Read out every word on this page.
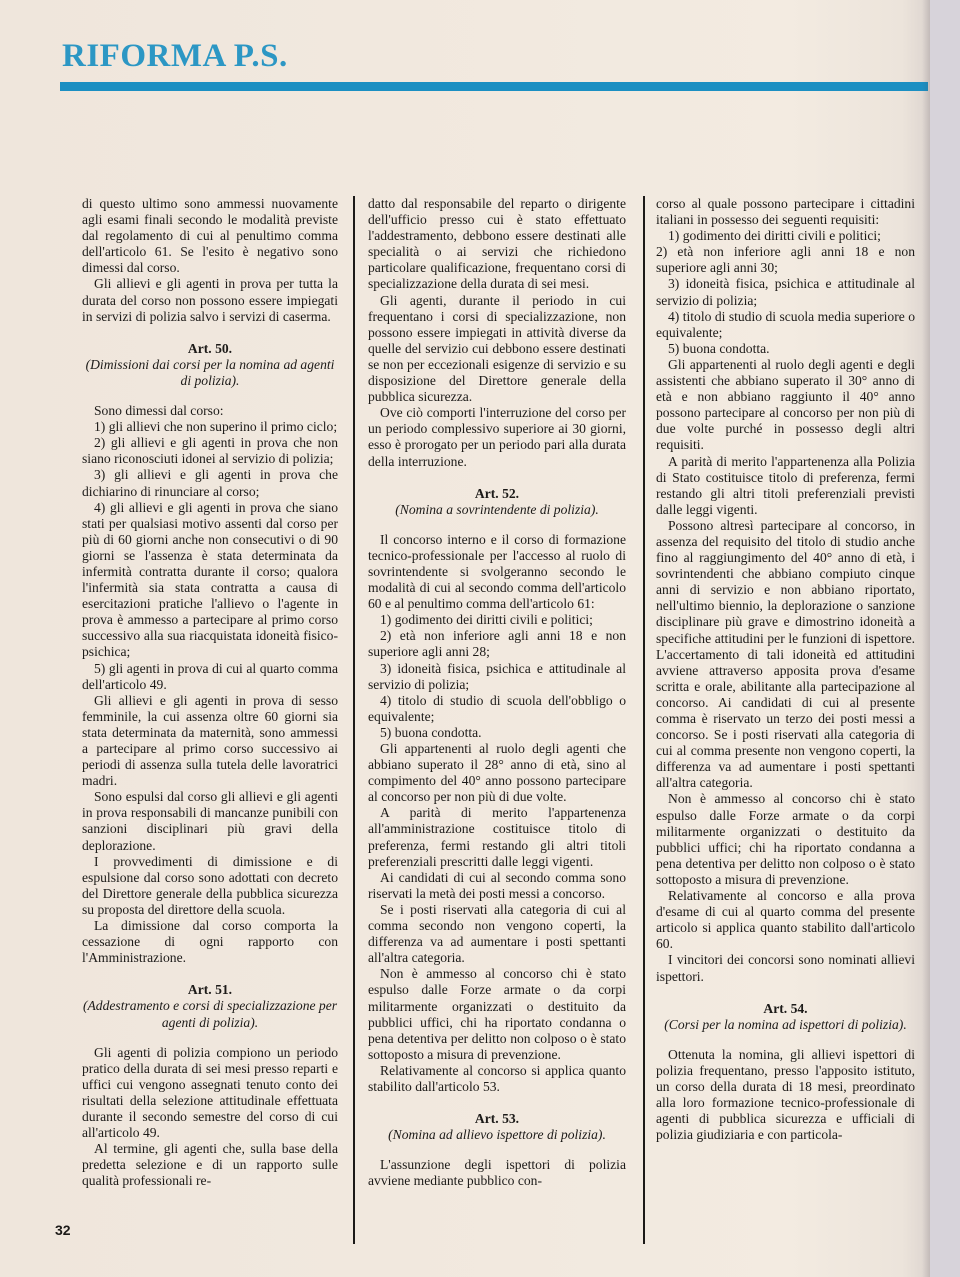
RIFORMA P.S.

di questo ultimo sono ammessi nuovamente agli esami finali secondo le modalità previste dal regolamento di cui al penultimo comma dell'articolo 61. Se l'esito è negativo sono dimessi dal corso.

Gli allievi e gli agenti in prova per tutta la durata del corso non possono essere impiegati in servizi di polizia salvo i servizi di caserma.

Art. 50.
(Dimissioni dai corsi per la nomina ad agenti di polizia).

Sono dimessi dal corso:

1) gli allievi che non superino il primo ciclo;

2) gli allievi e gli agenti in prova che non siano riconosciuti idonei al servizio di polizia;

3) gli allievi e gli agenti in prova che dichiarino di rinunciare al corso;

4) gli allievi e gli agenti in prova che siano stati per qualsiasi motivo assenti dal corso per più di 60 giorni anche non consecutivi o di 90 giorni se l'assenza è stata determinata da infermità contratta durante il corso; qualora l'infermità sia stata contratta a causa di esercitazioni pratiche l'allievo o l'agente in prova è ammesso a partecipare al primo corso successivo alla sua riacquistata idoneità fisico-psichica;

5) gli agenti in prova di cui al quarto comma dell'articolo 49.

Gli allievi e gli agenti in prova di sesso femminile, la cui assenza oltre 60 giorni sia stata determinata da maternità, sono ammessi a partecipare al primo corso successivo ai periodi di assenza sulla tutela delle lavoratrici madri.

Sono espulsi dal corso gli allievi e gli agenti in prova responsabili di mancanze punibili con sanzioni disciplinari più gravi della deplorazione.

I provvedimenti di dimissione e di espulsione dal corso sono adottati con decreto del Direttore generale della pubblica sicurezza su proposta del direttore della scuola.

La dimissione dal corso comporta la cessazione di ogni rapporto con l'Amministrazione.

Art. 51.
(Addestramento e corsi di specializzazione per agenti di polizia).

Gli agenti di polizia compiono un periodo pratico della durata di sei mesi presso reparti e uffici cui vengono assegnati tenuto conto dei risultati della selezione attitudinale effettuata durante il secondo semestre del corso di cui all'articolo 49.

Al termine, gli agenti che, sulla base della predetta selezione e di un rapporto sulle qualità professionali re-

datto dal responsabile del reparto o dirigente dell'ufficio presso cui è stato effettuato l'addestramento, debbono essere destinati alle specialità o ai servizi che richiedono particolare qualificazione, frequentano corsi di specializzazione della durata di sei mesi.

Gli agenti, durante il periodo in cui frequentano i corsi di specializzazione, non possono essere impiegati in attività diverse da quelle del servizio cui debbono essere destinati se non per eccezionali esigenze di servizio e su disposizione del Direttore generale della pubblica sicurezza.

Ove ciò comporti l'interruzione del corso per un periodo complessivo superiore ai 30 giorni, esso è prorogato per un periodo pari alla durata della interruzione.

Art. 52.
(Nomina a sovrintendente di polizia).

Il concorso interno e il corso di formazione tecnico-professionale per l'accesso al ruolo di sovrintendente si svolgeranno secondo le modalità di cui al secondo comma dell'articolo 60 e al penultimo comma dell'articolo 61:

1) godimento dei diritti civili e politici;

2) età non inferiore agli anni 18 e non superiore agli anni 28;

3) idoneità fisica, psichica e attitudinale al servizio di polizia;

4) titolo di studio di scuola dell'obbligo o equivalente;

5) buona condotta.

Gli appartenenti al ruolo degli agenti che abbiano superato il 28° anno di età, sino al compimento del 40° anno possono partecipare al concorso per non più di due volte.

A parità di merito l'appartenenza all'amministrazione costituisce titolo di preferenza, fermi restando gli altri titoli preferenziali prescritti dalle leggi vigenti.

Ai candidati di cui al secondo comma sono riservati la metà dei posti messi a concorso.

Se i posti riservati alla categoria di cui al comma secondo non vengono coperti, la differenza va ad aumentare i posti spettanti all'altra categoria.

Non è ammesso al concorso chi è stato espulso dalle Forze armate o da corpi militarmente organizzati o destituito da pubblici uffici, chi ha riportato condanna o pena detentiva per delitto non colposo o è stato sottoposto a misura di prevenzione.

Relativamente al concorso si applica quanto stabilito dall'articolo 53.

Art. 53.
(Nomina ad allievo ispettore di polizia).

L'assunzione degli ispettori di polizia avviene mediante pubblico con-

corso al quale possono partecipare i cittadini italiani in possesso dei seguenti requisiti:

1) godimento dei diritti civili e politici;

2) età non inferiore agli anni 18 e non superiore agli anni 30;

3) idoneità fisica, psichica e attitudinale al servizio di polizia;

4) titolo di studio di scuola media superiore o equivalente;

5) buona condotta.

Gli appartenenti al ruolo degli agenti e degli assistenti che abbiano superato il 30° anno di età e non abbiano raggiunto il 40° anno possono partecipare al concorso per non più di due volte purché in possesso degli altri requisiti.

A parità di merito l'appartenenza alla Polizia di Stato costituisce titolo di preferenza, fermi restando gli altri titoli preferenziali previsti dalle leggi vigenti.

Possono altresì partecipare al concorso, in assenza del requisito del titolo di studio anche fino al raggiungimento del 40° anno di età, i sovrintendenti che abbiano compiuto cinque anni di servizio e non abbiano riportato, nell'ultimo biennio, la deplorazione o sanzione disciplinare più grave e dimostrino idoneità a specifiche attitudini per le funzioni di ispettore. L'accertamento di tali idoneità ed attitudini avviene attraverso apposita prova d'esame scritta e orale, abilitante alla partecipazione al concorso. Ai candidati di cui al presente comma è riservato un terzo dei posti messi a concorso. Se i posti riservati alla categoria di cui al comma presente non vengono coperti, la differenza va ad aumentare i posti spettanti all'altra categoria.

Non è ammesso al concorso chi è stato espulso dalle Forze armate o da corpi militarmente organizzati o destituito da pubblici uffici; chi ha riportato condanna a pena detentiva per delitto non colposo o è stato sottoposto a misura di prevenzione.

Relativamente al concorso e alla prova d'esame di cui al quarto comma del presente articolo si applica quanto stabilito dall'articolo 60.

I vincitori dei concorsi sono nominati allievi ispettori.

Art. 54.
(Corsi per la nomina ad ispettori di polizia).

Ottenuta la nomina, gli allievi ispettori di polizia frequentano, presso l'apposito istituto, un corso della durata di 18 mesi, preordinato alla loro formazione tecnico-professionale di agenti di pubblica sicurezza e ufficiali di polizia giudiziaria e con particola-

32
